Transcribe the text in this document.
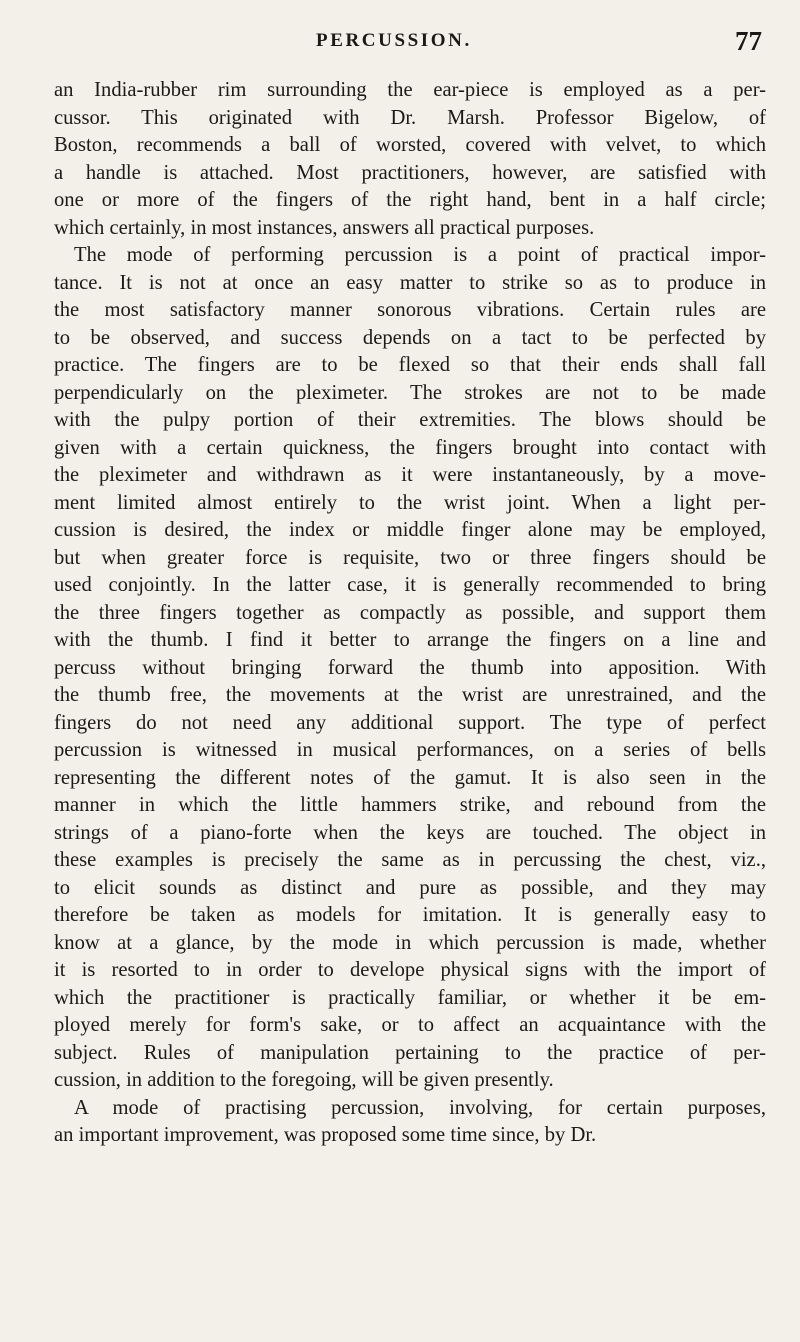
PERCUSSION.	77
an India-rubber rim surrounding the ear-piece is employed as a per-
cussor. This originated with Dr. Marsh. Professor Bigelow, of
Boston, recommends a ball of worsted, covered with velvet, to which
a handle is attached. Most practitioners, however, are satisfied with
one or more of the fingers of the right hand, bent in a half circle;
which certainly, in most instances, answers all practical purposes.
The mode of performing percussion is a point of practical impor-
tance. It is not at once an easy matter to strike so as to produce in
the most satisfactory manner sonorous vibrations. Certain rules are
to be observed, and success depends on a tact to be perfected by
practice. The fingers are to be flexed so that their ends shall fall
perpendicularly on the pleximeter. The strokes are not to be made
with the pulpy portion of their extremities. The blows should be
given with a certain quickness, the fingers brought into contact with
the pleximeter and withdrawn as it were instantaneously, by a move-
ment limited almost entirely to the wrist joint. When a light per-
cussion is desired, the index or middle finger alone may be employed,
but when greater force is requisite, two or three fingers should be
used conjointly. In the latter case, it is generally recommended to bring
the three fingers together as compactly as possible, and support them
with the thumb. I find it better to arrange the fingers on a line and
percuss without bringing forward the thumb into apposition. With
the thumb free, the movements at the wrist are unrestrained, and the
fingers do not need any additional support. The type of perfect
percussion is witnessed in musical performances, on a series of bells
representing the different notes of the gamut. It is also seen in the
manner in which the little hammers strike, and rebound from the
strings of a piano-forte when the keys are touched. The object in
these examples is precisely the same as in percussing the chest, viz.,
to elicit sounds as distinct and pure as possible, and they may
therefore be taken as models for imitation. It is generally easy to
know at a glance, by the mode in which percussion is made, whether
it is resorted to in order to develope physical signs with the import of
which the practitioner is practically familiar, or whether it be em-
ployed merely for form's sake, or to affect an acquaintance with the
subject. Rules of manipulation pertaining to the practice of per-
cussion, in addition to the foregoing, will be given presently.
A mode of practising percussion, involving, for certain purposes,
an important improvement, was proposed some time since, by Dr.
